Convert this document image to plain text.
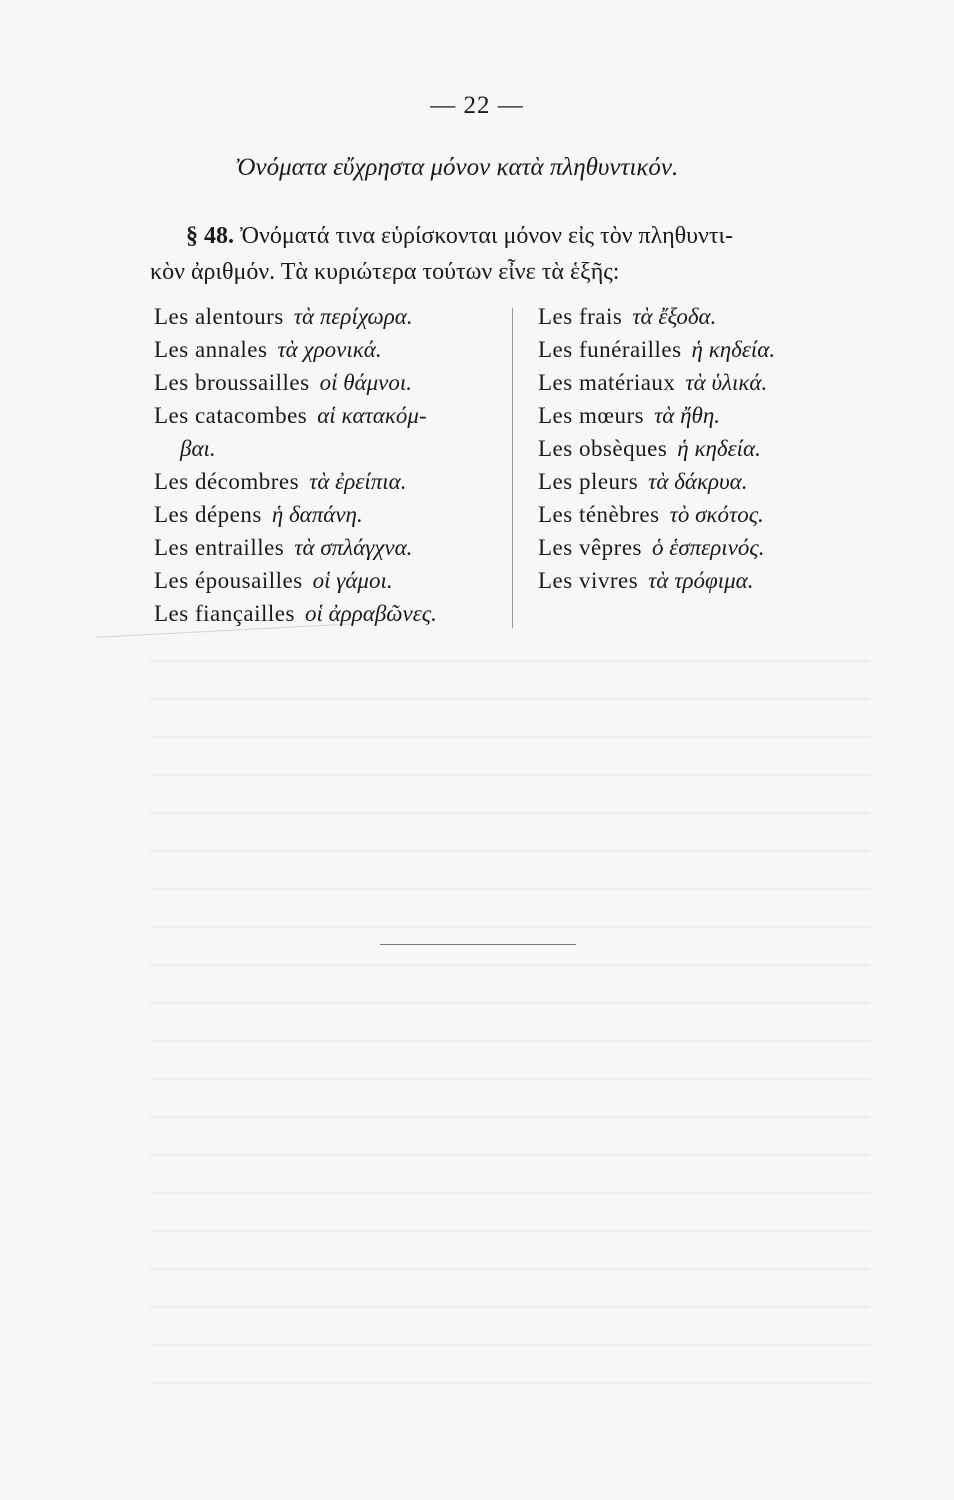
— 22 —
Ὀνόματα εὔχρηστα μόνον κατὰ πληθυντικόν.
§ 48. Ὀνόματά τινα εὑρίσκονται μόνον εἰς τὸν πληθυντι-
κὸν ἀριθμόν. Τὰ κυριώτερα τούτων εἶνε τὰ ἑξῆς:
Les alentours τὰ περίχωρα.
Les annales τὰ χρονικά.
Les broussailles οἱ θάμνοι.
Les catacombes αἱ κατακόμ-
βαι.
Les décombres τὰ ἐρείπια.
Les dépens ἡ δαπάνη.
Les entrailles τὰ σπλάγχνα.
Les épousailles οἱ γάμοι.
Les fiançailles οἱ ἀρραβῶνες.
Les frais τὰ ἔξοδα.
Les funérailles ἡ κηδεία.
Les matériaux τὰ ὑλικά.
Les mœurs τὰ ἤθη.
Les obsèques ἡ κηδεία.
Les pleurs τὰ δάκρυα.
Les ténèbres τὸ σκότος.
Les vêpres ὁ ἑσπερινός.
Les vivres τὰ τρόφιμα.
